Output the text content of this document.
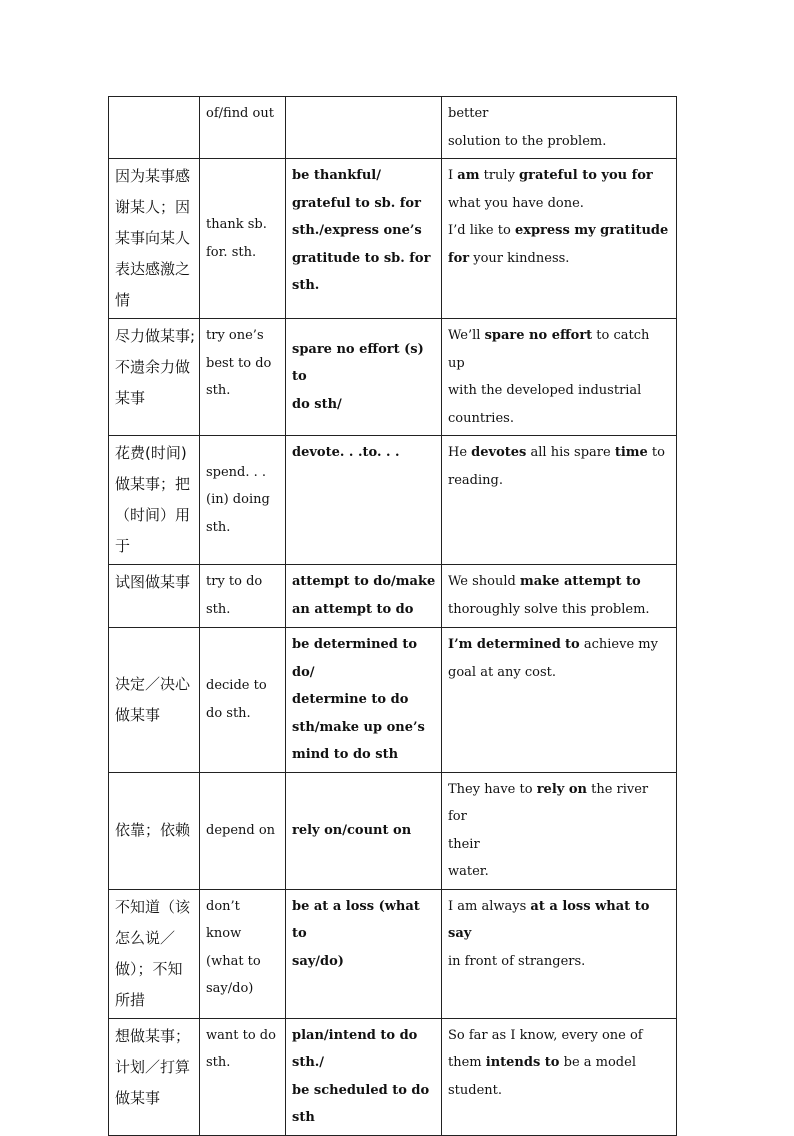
	of/find out		better
solution to the problem.

因为某事感谢某人；因某事向某人表达感激之情	thank sb. for. sth.	be thankful/
grateful to sb. for
sth./express one’s
gratitude to sb. for
sth.	I am truly grateful to you for
what you have done.
I’d like to express my gratitude
for your kindness.

尽力做某事; 不遗余力做某事	try one’s best to do sth.	spare no effort (s) to
do sth/	We’ll spare no effort to catch up
with the developed industrial
countries.

花费(时间)做某事；把（时间）用于	spend. . . (in) doing sth.	devote. . .to. . .	He devotes all his spare time to
reading.

试图做某事	try to do sth.	attempt to do/make
an attempt to do	We should make attempt to
thoroughly solve this problem.

决定／决心做某事	decide to do sth.	be determined to do/
determine to do
sth/make up one’s
mind to do sth	I’m determined to achieve my
goal at any cost.

依靠；依赖	depend on	rely on/count on	They have to rely on the river for
their
water.

不知道（该怎么说／做）；不知所措	don’t know (what to say/do)	be at a loss (what to
say/do)	I am always at a loss what to say
in front of strangers.

想做某事；计划／打算做某事	want to do sth.	plan/intend to do
sth./
be scheduled to do
sth	So far as I know, every one of
them intends to be a model
student.
